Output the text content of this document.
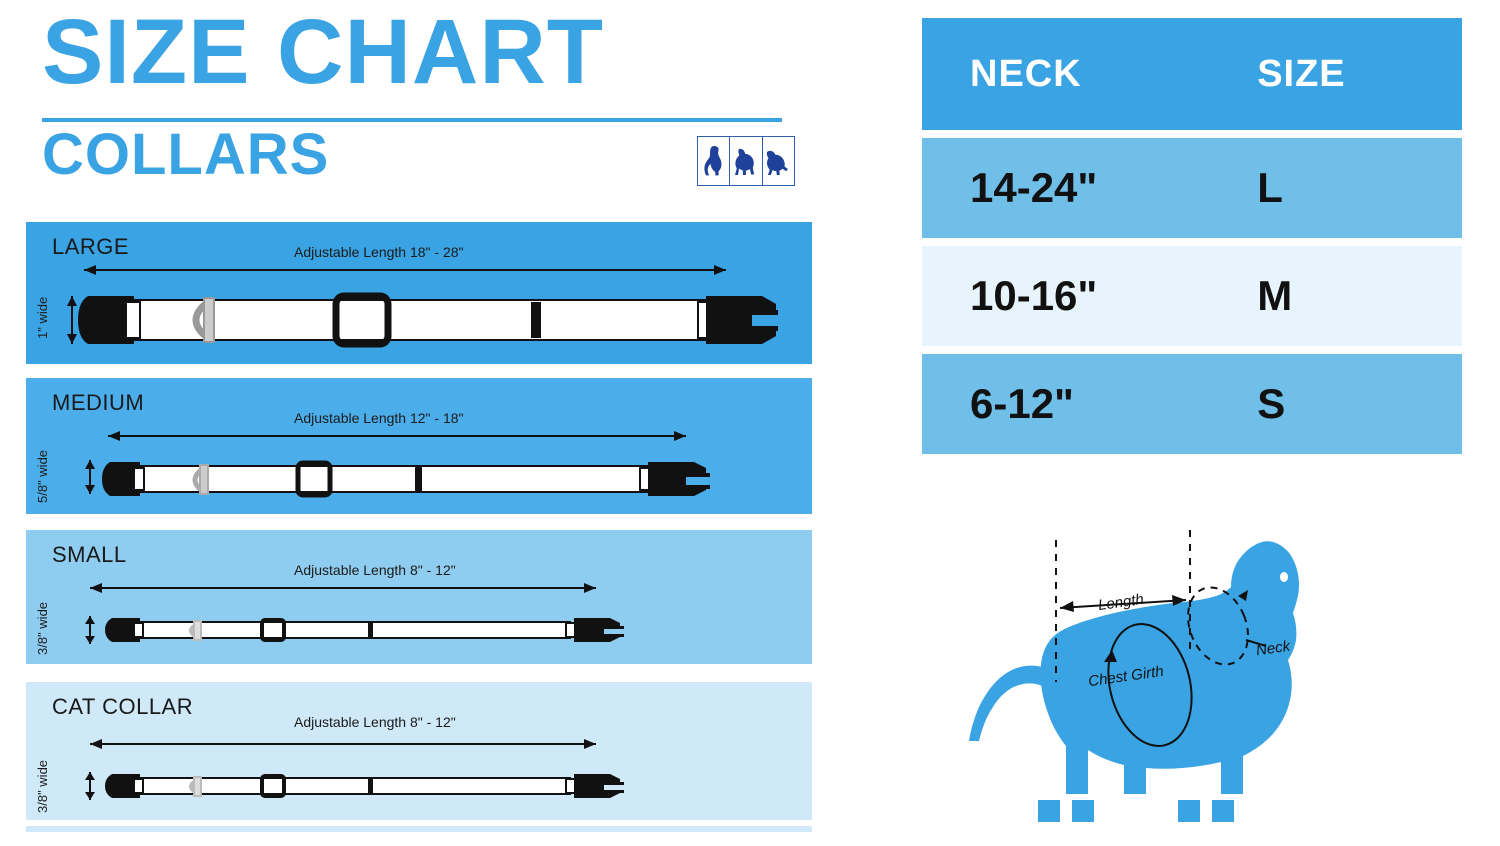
SIZE CHART
COLLARS
LARGE
1" wide
Adjustable Length 18" - 28"
MEDIUM
5/8" wide
Adjustable Length 12" - 18"
SMALL
3/8" wide
Adjustable Length 8" - 12"
CAT COLLAR
3/8" wide
Adjustable Length 8" - 12"
NECK	SIZE
14-24"	L
10-16"	M
6-12"	S
Length
Neck
Chest Girth
